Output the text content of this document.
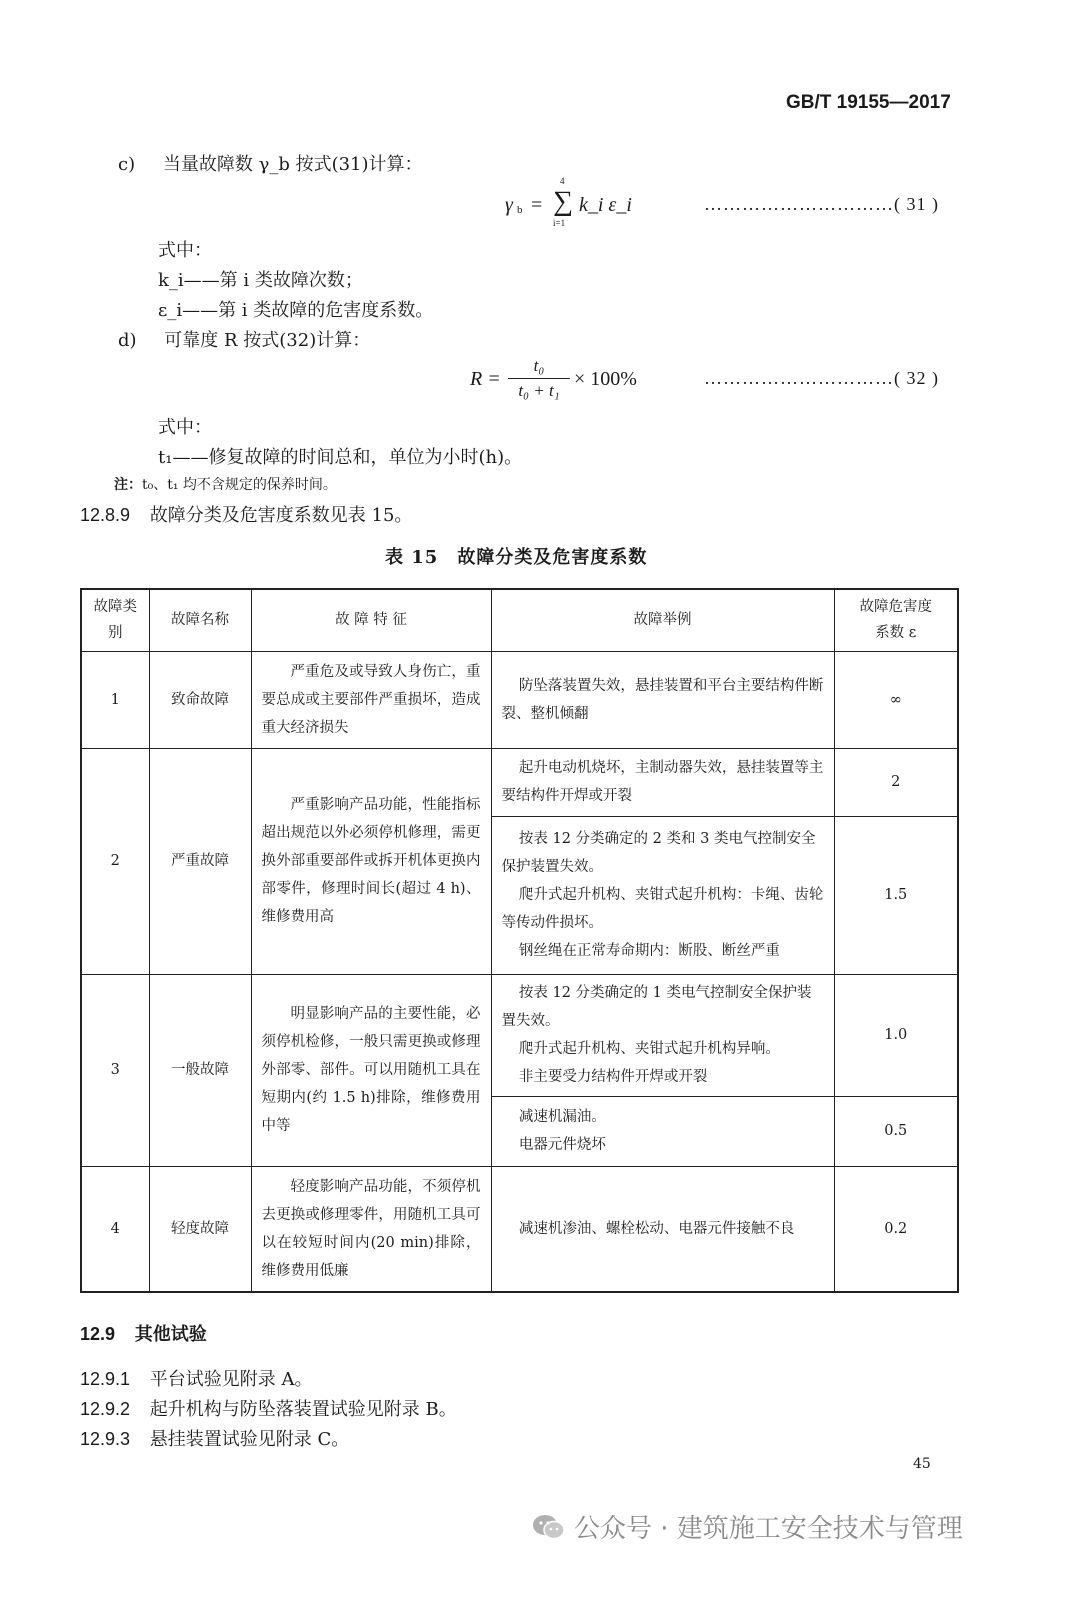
GB/T 19155—2017
c) 当量故障数 γ_b 按式(31)计算：
γ b =
4
∑
i=1
k_i ε_i	…………………………( 31 )
式中：
k_i——第 i 类故障次数；
ε_i——第 i 类故障的危害度系数。
d) 可靠度 R 按式(32)计算：
R =
t₀
t₀ + t₁
× 100%	…………………………( 32 )
式中：
t₁——修复故障的时间总和，单位为小时(h)。
注：t₀、t₁ 均不含规定的保养时间。
12.8.9 故障分类及危害度系数见表 15。
表 15　故障分类及危害度系数
故障类别	故障名称	故 障 特 征	故障举例	故障危害度系数 ε
1	致命故障	严重危及或导致人身伤亡，重要总成或主要部件严重损坏，造成重大经济损失	防坠落装置失效，悬挂装置和平台主要结构件断裂、整机倾翻	∞
2	严重故障	严重影响产品功能，性能指标超出规范以外必须停机修理，需更换外部重要部件或拆开机体更换内部零件，修理时间长(超过 4 h)、维修费用高	起升电动机烧坏，主制动器失效，悬挂装置等主要结构件开焊或开裂	2

			按表 12 分类确定的 2 类和 3 类电气控制安全保护装置失效。

爬升式起升机构、夹钳式起升机构：卡绳、齿轮等传动件损坏。

钢丝绳在正常寿命期内：断股、断丝严重	1.5
3	一般故障	明显影响产品的主要性能，必须停机检修，一般只需更换或修理外部零、部件。可以用随机工具在短期内(约 1.5 h)排除，维修费用中等	按表 12 分类确定的 1 类电气控制安全保护装置失效。

爬升式起升机构、夹钳式起升机构异响。

非主要受力结构件开焊或开裂	1.0

			减速机漏油。

电器元件烧坏	0.5
4	轻度故障	轻度影响产品功能，不须停机去更换或修理零件，用随机工具可以在较短时间内(20 min)排除，维修费用低廉	减速机渗油、螺栓松动、电器元件接触不良	0.2
12.9 其他试验
12.9.1 平台试验见附录 A。
12.9.2 起升机构与防坠落装置试验见附录 B。
12.9.3 悬挂装置试验见附录 C。
45
公众号 · 建筑施工安全技术与管理
